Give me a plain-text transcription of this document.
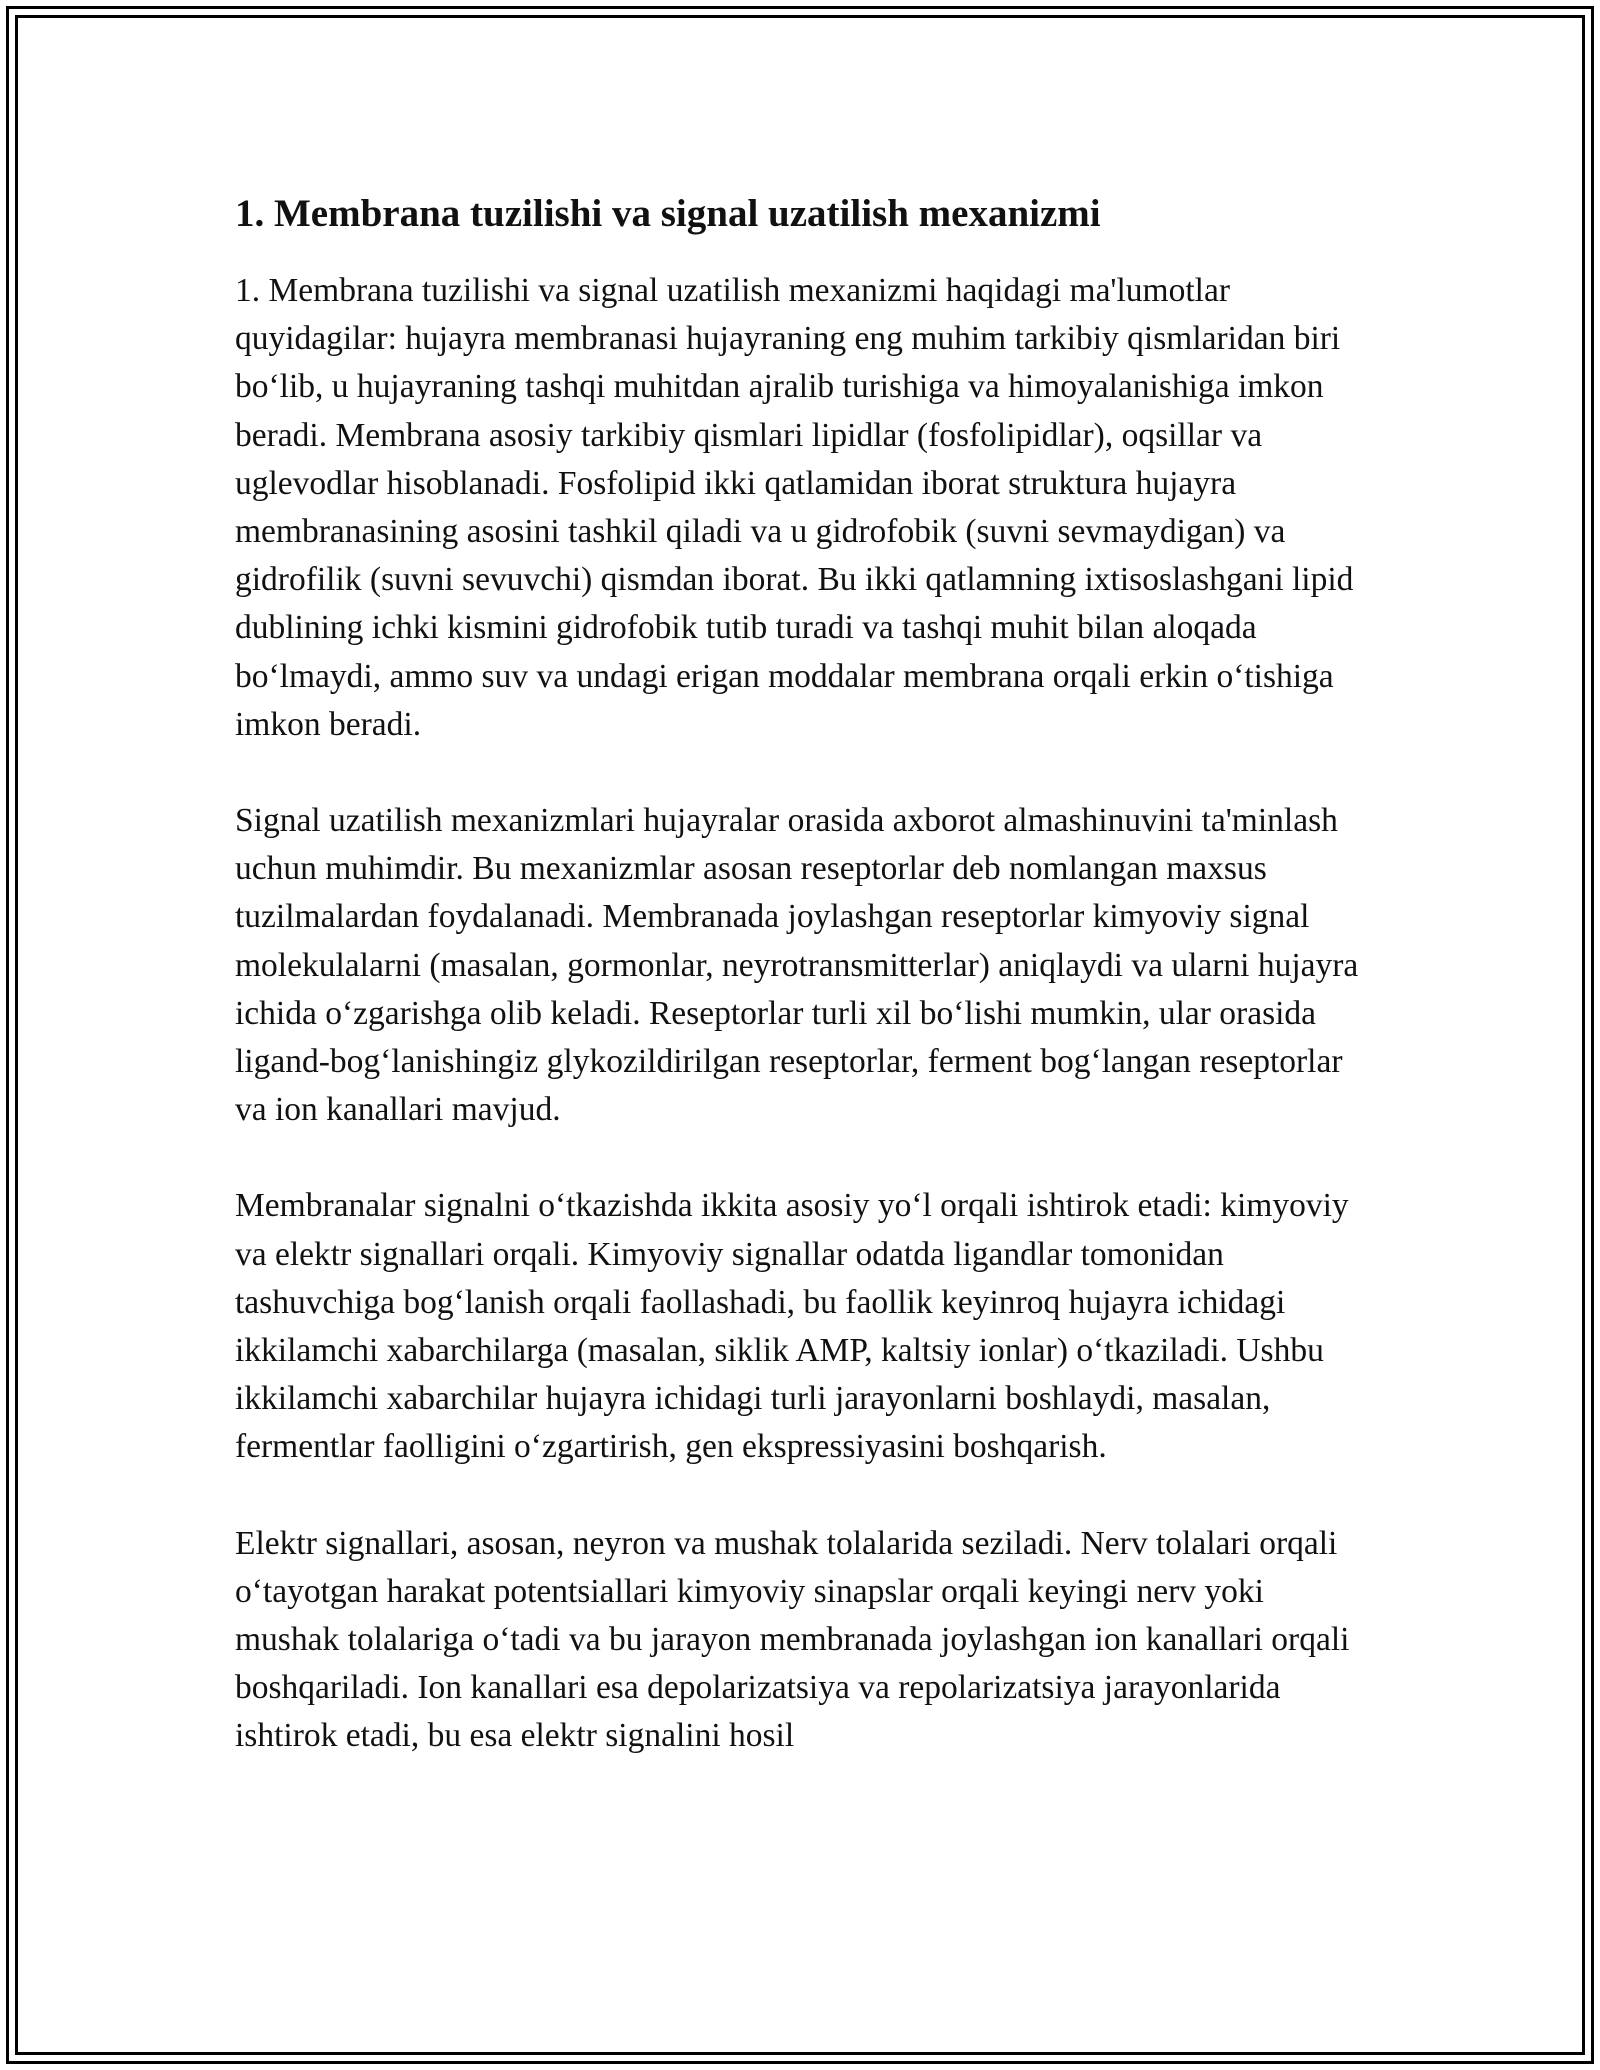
1. Membrana tuzilishi va signal uzatilish mexanizmi

1. Membrana tuzilishi va signal uzatilish mexanizmi haqidagi ma'lumotlar quyidagilar: hujayra membranasi hujayraning eng muhim tarkibiy qismlaridan biri bo‘lib, u hujayraning tashqi muhitdan ajralib turishiga va himoyalanishiga imkon beradi. Membrana asosiy tarkibiy qismlari lipidlar (fosfolipidlar), oqsillar va uglevodlar hisoblanadi. Fosfolipid ikki qatlamidan iborat struktura hujayra membranasining asosini tashkil qiladi va u gidrofobik (suvni sevmaydigan) va gidrofilik (suvni sevuvchi) qismdan iborat. Bu ikki qatlamning ixtisoslashgani lipid dublining ichki kismini gidrofobik tutib turadi va tashqi muhit bilan aloqada bo‘lmaydi, ammo suv va undagi erigan moddalar membrana orqali erkin o‘tishiga imkon beradi.

Signal uzatilish mexanizmlari hujayralar orasida axborot almashinuvini ta'minlash uchun muhimdir. Bu mexanizmlar asosan reseptorlar deb nomlangan maxsus tuzilmalardan foydalanadi. Membranada joylashgan reseptorlar kimyoviy signal molekulalarni (masalan, gormonlar, neyrotransmitterlar) aniqlaydi va ularni hujayra ichida o‘zgarishga olib keladi. Reseptorlar turli xil bo‘lishi mumkin, ular orasida ligand-bog‘lanishingiz glykozildirilgan reseptorlar, ferment bog‘langan reseptorlar va ion kanallari mavjud.

Membranalar signalni o‘tkazishda ikkita asosiy yo‘l orqali ishtirok etadi: kimyoviy va elektr signallari orqali. Kimyoviy signallar odatda ligandlar tomonidan tashuvchiga bog‘lanish orqali faollashadi, bu faollik keyinroq hujayra ichidagi ikkilamchi xabarchilarga (masalan, siklik AMP, kaltsiy ionlar) o‘tkaziladi. Ushbu ikkilamchi xabarchilar hujayra ichidagi turli jarayonlarni boshlaydi, masalan, fermentlar faolligini o‘zgartirish, gen ekspressiyasini boshqarish.

Elektr signallari, asosan, neyron va mushak tolalarida seziladi. Nerv tolalari orqali o‘tayotgan harakat potentsiallari kimyoviy sinapslar orqali keyingi nerv yoki mushak tolalariga o‘tadi va bu jarayon membranada joylashgan ion kanallari orqali boshqariladi. Ion kanallari esa depolarizatsiya va repolarizatsiya jarayonlarida ishtirok etadi, bu esa elektr signalini hosil
